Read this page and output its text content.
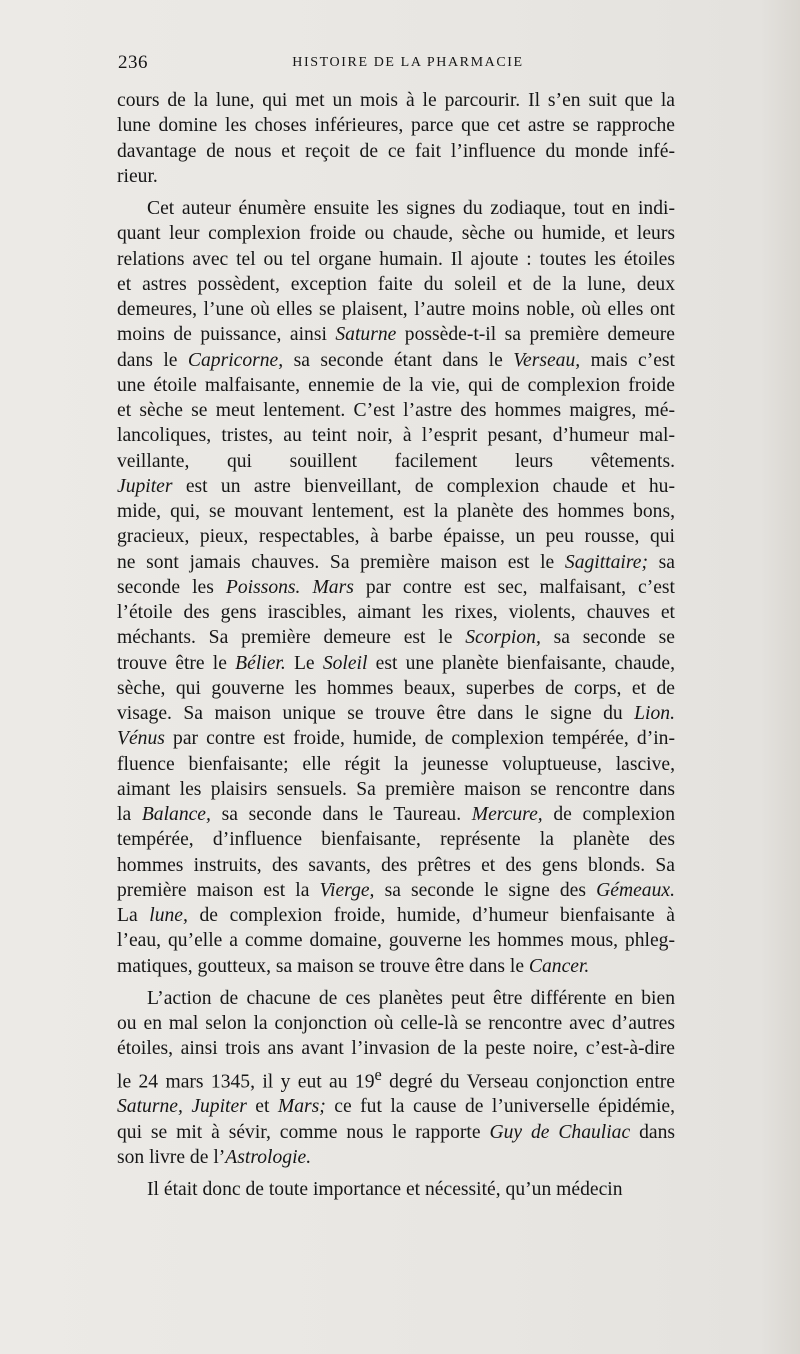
236	HISTOIRE DE LA PHARMACIE

cours de la lune, qui met un mois à le parcourir. Il s’en suit que la

lune domine les choses inférieures, parce que cet astre se rapproche

davantage de nous et reçoit de ce fait l’influence du monde infé-

rieur.

Cet auteur énumère ensuite les signes du zodiaque, tout en indi-

quant leur complexion froide ou chaude, sèche ou humide, et leurs

relations avec tel ou tel organe humain. Il ajoute : toutes les étoiles

et astres possèdent, exception faite du soleil et de la lune, deux

demeures, l’une où elles se plaisent, l’autre moins noble, où elles ont

moins de puissance, ainsi Saturne possède-t-il sa première demeure

dans le Capricorne, sa seconde étant dans le Verseau, mais c’est

une étoile malfaisante, ennemie de la vie, qui de complexion froide

et sèche se meut lentement. C’est l’astre des hommes maigres, mé-

lancoliques, tristes, au teint noir, à l’esprit pesant, d’humeur mal-

veillante, qui souillent facilement leurs vêtements.

Jupiter est un astre bienveillant, de complexion chaude et hu-

mide, qui, se mouvant lentement, est la planète des hommes bons,

gracieux, pieux, respectables, à barbe épaisse, un peu rousse, qui

ne sont jamais chauves. Sa première maison est le Sagittaire; sa

seconde les Poissons. Mars par contre est sec, malfaisant, c’est

l’étoile des gens irascibles, aimant les rixes, violents, chauves et

méchants. Sa première demeure est le Scorpion, sa seconde se

trouve être le Bélier. Le Soleil est une planète bienfaisante, chaude,

sèche, qui gouverne les hommes beaux, superbes de corps, et de

visage. Sa maison unique se trouve être dans le signe du Lion.

Vénus par contre est froide, humide, de complexion tempérée, d’in-

fluence bienfaisante; elle régit la jeunesse voluptueuse, lascive,

aimant les plaisirs sensuels. Sa première maison se rencontre dans

la Balance, sa seconde dans le Taureau. Mercure, de complexion

tempérée, d’influence bienfaisante, représente la planète des

hommes instruits, des savants, des prêtres et des gens blonds. Sa

première maison est la Vierge, sa seconde le signe des Gémeaux.

La lune, de complexion froide, humide, d’humeur bienfaisante à

l’eau, qu’elle a comme domaine, gouverne les hommes mous, phleg-

matiques, goutteux, sa maison se trouve être dans le Cancer.

L’action de chacune de ces planètes peut être différente en bien

ou en mal selon la conjonction où celle-là se rencontre avec d’autres

étoiles, ainsi trois ans avant l’invasion de la peste noire, c’est-à-dire

le 24 mars 1345, il y eut au 19e degré du Verseau conjonction entre

Saturne, Jupiter et Mars; ce fut la cause de l’universelle épidémie,

qui se mit à sévir, comme nous le rapporte Guy de Chauliac dans

son livre de l’Astrologie.

Il était donc de toute importance et nécessité, qu’un médecin
